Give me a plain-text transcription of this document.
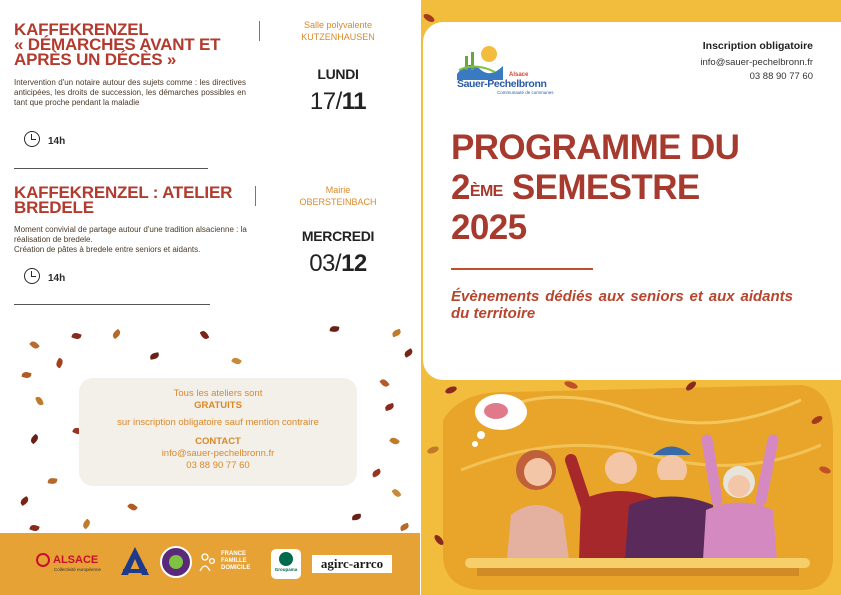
KAFFEKRENZEL
« DÉMARCHES AVANT ET
APRÈS UN DÉCÈS »
Salle polyvalente
KUTZENHAUSEN
Intervention d'un notaire autour des sujets comme : les directives anticipées, les droits de succession, les démarches possibles en tant que proche pendant la maladie
LUNDI
17/11
14h
KAFFEKRENZEL : ATELIER
BREDELE
Mairie
OBERSTEINBACH
Moment convivial de partage autour d'une tradition alsacienne : la réalisation de bredele.
Création de pâtes à bredele entre seniors et aidants.
MERCREDI
03/12
14h
Tous les ateliers sont
GRATUITS
sur inscription obligatoire sauf mention contraire
CONTACT
info@sauer-pechelbronn.fr
03 88 90 77 60
ALSACE
Collectivité européenne
FRANCE
FAMILLE
DOMICILE	Groupama	agirc-arrco
Alsace
Sauer-Pechelbronn
Communauté de communes
Inscription obligatoire
info@sauer-pechelbronn.fr
03 88 90 77 60
PROGRAMME DU
2ÈME SEMESTRE
2025
Évènements dédiés aux seniors et aux aidants du territoire
